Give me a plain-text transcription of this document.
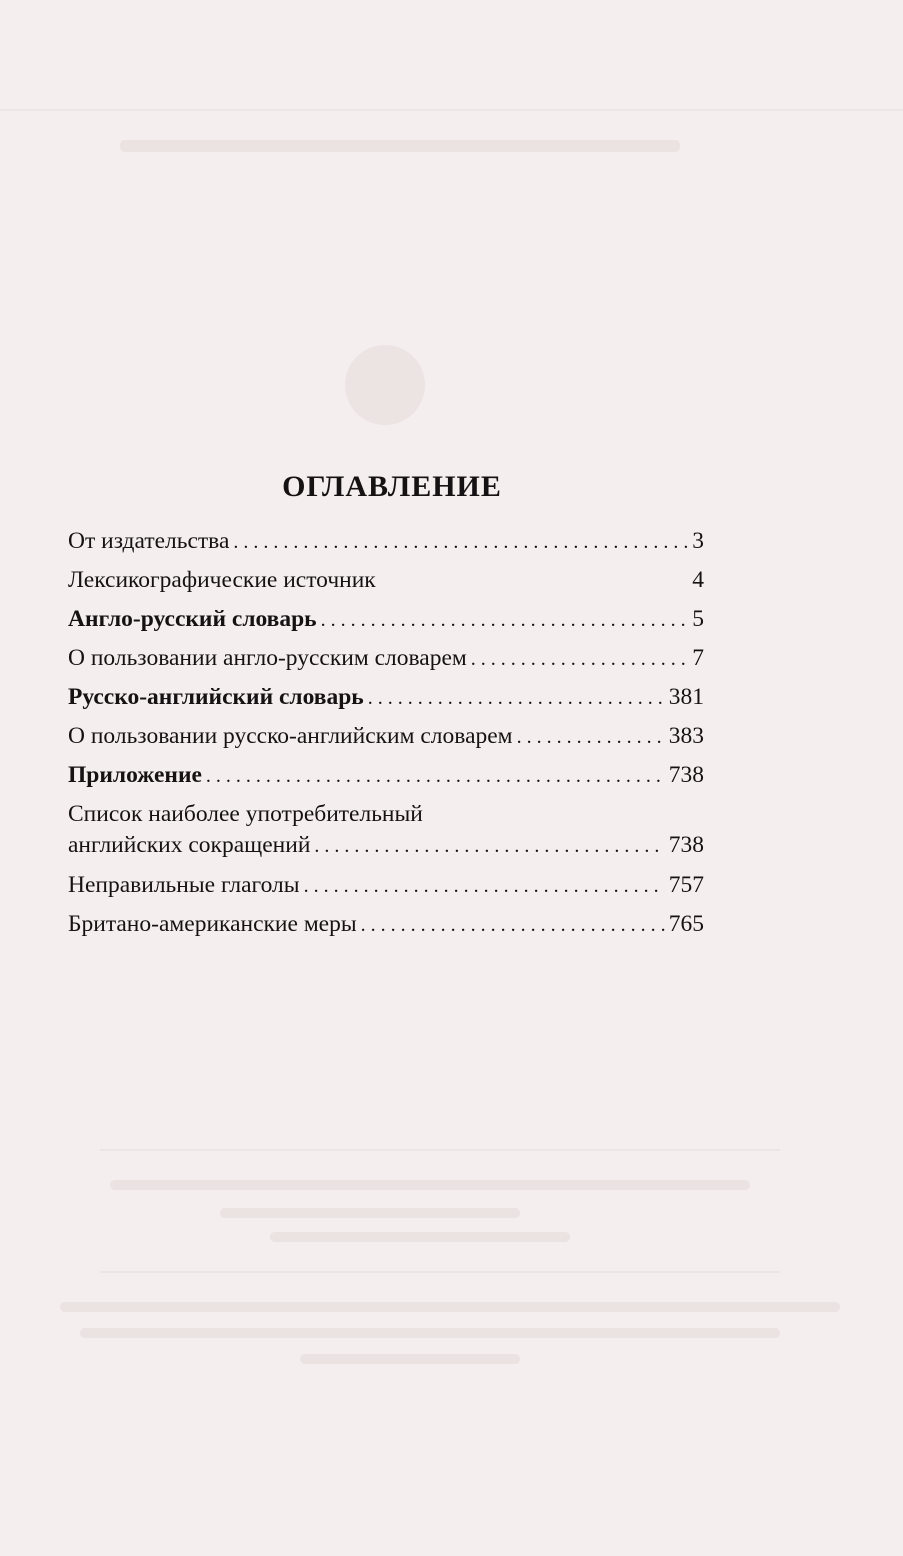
ОГЛАВЛЕНИЕ
От издательства . . .	3
Лексикографические источник	4
Англо-русский словарь . . .	5
О пользовании англо-русским словарем . . .	7
Русско-английский словарь . . .	381
О пользовании русско-английским словарем . . .	383
Приложение . . .	738
Список наиболее употребительный
английских сокращений . . .	738
Неправильные глаголы . . .	757
Британо-американские меры . . .	765
